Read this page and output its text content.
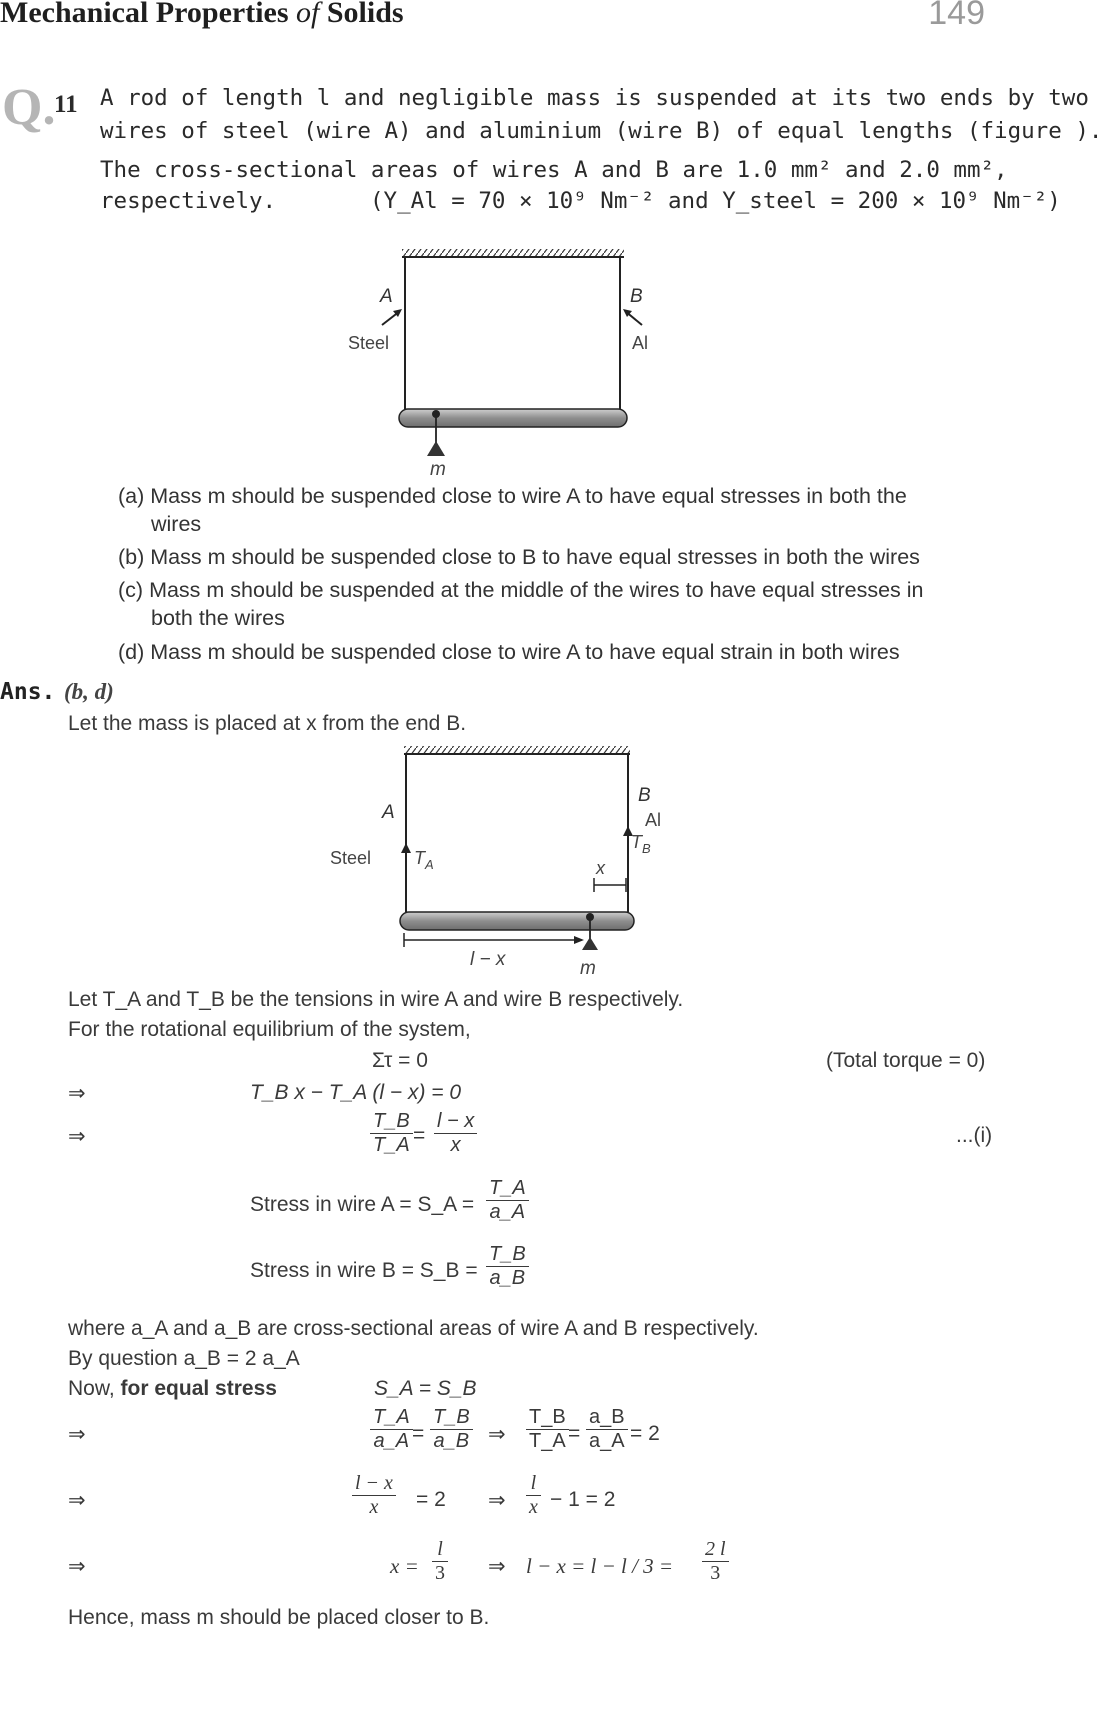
Mechanical Properties of Solids	149
Q.
11 A rod of length l and negligible mass is suspended at its two ends by two
wires of steel (wire A) and aluminium (wire B) of equal lengths (figure ).
The cross-sectional areas of wires A and B are 1.0 mm² and 2.0 mm²,
respectively.	(Y_Al = 70 × 10⁹ Nm⁻² and Y_steel = 200 × 10⁹ Nm⁻²)
A	B
Steel	Al
m
(a) Mass m should be suspended close to wire A to have equal stresses in both the
wires
(b) Mass m should be suspended close to B to have equal stresses in both the wires
(c) Mass m should be suspended at the middle of the wires to have equal stresses in
both the wires
(d) Mass m should be suspended close to wire A to have equal strain in both wires
Ans. (b, d)
Let the mass is placed at x from the end B.
A
B
Al
Steel $T_A$
$T_B$
x
l − x	m
Let T_A and T_B be the tensions in wire A and wire B respectively.
For the rotational equilibrium of the system,
Στ = 0	(Total torque = 0)
⇒	T_B x − T_A (l − x) = 0
⇒
T_B
T_A =
l − x
x	...(i)
Stress in wire A = S_A =
T_A
a_A
Stress in wire B = S_B =
T_B
a_B
where a_A and a_B are cross-sectional areas of wire A and B respectively.
By question a_B = 2 a_A
Now, for equal stress	S_A = S_B
⇒
T_A
a_A =
T_B
a_B ⇒
T_B
T_A =
a_B
a_A = 2
⇒
l − x
x = 2 ⇒
l
x − 1 = 2
⇒	x =
l
3 ⇒ l − x = l − l / 3 =
2 l
3
Hence, mass m should be placed closer to B.
